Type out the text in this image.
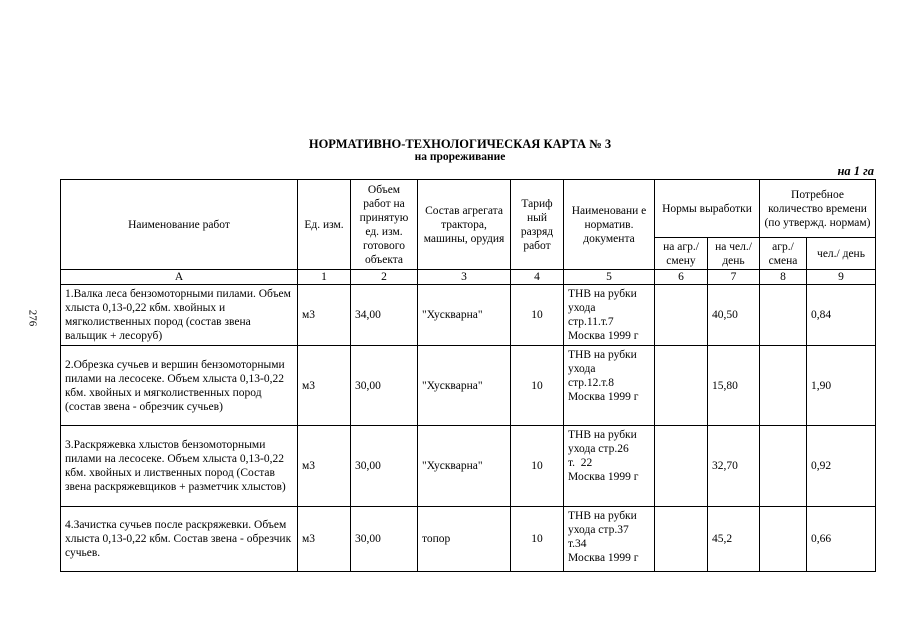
276
НОРМАТИВНО-ТЕХНОЛОГИЧЕСКАЯ КАРТА № 3
на прореживание
на 1 га
Наименование работ	Ед. изм.	Объем работ на принятую ед. изм. готового объекта	Состав агрегата трактора, машины, орудия	Тариф ный разряд работ	Наименовани е норматив. документа	Нормы выработки		Потребное количество времени (по утвержд. нормам)	
						на агр./ смену	на чел./ день	агр./ смена	чел./ день
А	1	2	3	4	5	6	7	8	9
1.Валка леса бензомоторными пилами. Объем хлыста 0,13-0,22 кбм. хвойных и мягколиственных пород (состав звена вальщик + лесоруб)	м3	34,00	"Хускварна"	10	ТНВ на рубки
ухода
стр.11.т.7
Москва 1999 г		40,50		0,84
2.Обрезка сучьев и вершин бензомоторными пилами на лесосеке. Объем хлыста 0,13-0,22 кбм. хвойных и мягколиственных пород (состав звена - обрезчик сучьев)	м3	30,00	"Хускварна"	10	ТНВ на рубки
ухода
стр.12.т.8
Москва 1999 г		15,80		1,90
3.Раскряжевка хлыстов бензомоторными пилами на лесосеке. Объем хлыста 0,13-0,22 кбм. хвойных и лиственных пород (Состав звена раскряжевщиков + разметчик хлыстов)	м3	30,00	"Хускварна"	10	ТНВ на рубки
ухода стр.26
т.  22
Москва 1999 г		32,70		0,92
4.Зачистка сучьев после раскряжевки. Объем хлыста 0,13-0,22 кбм. Состав звена - обрезчик сучьев.	м3	30,00	топор	10	ТНВ на рубки
ухода стр.37
т.34
Москва 1999 г		45,2		0,66
